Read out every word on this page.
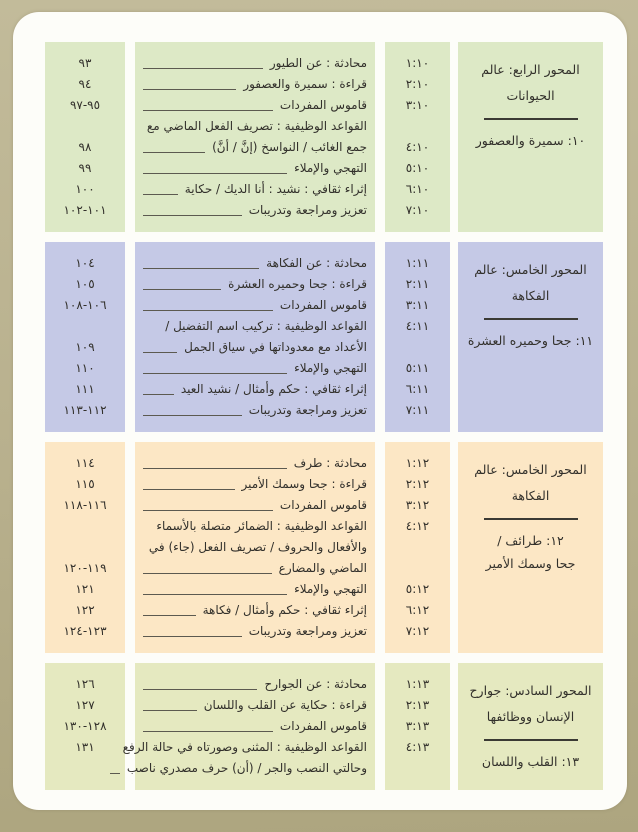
المحور الرابع: عالم
الحيوانات
١٠: سميرة والعصفور
١:١٠
محادثة : عن الطيور
٩٣
٢:١٠
قراءة : سميرة والعصفور
٩٤
٣:١٠
قاموس المفردات
٩٥-٩٧
٤:١٠
القواعد الوظيفية : تصريف الفعل الماضي مع
جمع الغائب / النواسخ (إنَّ / أنَّ)
٩٨
٥:١٠
التهجي والإملاء
٩٩
٦:١٠
إثراء ثقافي : نشيد : أنا الديك / حكاية
١٠٠
٧:١٠
تعزيز ومراجعة وتدريبات
١٠١-١٠٢
المحور الخامس: عالم
الفكاهة
١١: جحا وحميره العشرة
١:١١
محادثة : عن الفكاهة
١٠٤
٢:١١
قراءة : جحا وحميره العشرة
١٠٥
٣:١١
قاموس المفردات
١٠٦-١٠٨
٤:١١
القواعد الوظيفية : تركيب اسم التفضيل /
الأعداد مع معدوداتها في سياق الجمل
١٠٩
٥:١١
التهجي والإملاء
١١٠
٦:١١
إثراء ثقافي : حكم وأمثال / نشيد العيد
١١١
٧:١١
تعزيز ومراجعة وتدريبات
١١٢-١١٣
المحور الخامس: عالم
الفكاهة
١٢: طرائف /
جحا وسمك الأمير
١:١٢
محادثة : طرف
١١٤
٢:١٢
قراءة : جحا وسمك الأمير
١١٥
٣:١٢
قاموس المفردات
١١٦-١١٨
٤:١٢
القواعد الوظيفية : الضمائر متصلة بالأسماء
والأفعال والحروف / تصريف الفعل (جاء) في
الماضي والمضارع
١١٩-١٢٠
٥:١٢
التهجي والإملاء
١٢١
٦:١٢
إثراء ثقافي : حكم وأمثال / فكاهة
١٢٢
٧:١٢
تعزيز ومراجعة وتدريبات
١٢٣-١٢٤
المحور السادس: جوارح
الإنسان ووظائفها
١٣: القلب واللسان
١:١٣
محادثة : عن الجوارح
١٢٦
٢:١٣
قراءة : حكاية عن القلب واللسان
١٢٧
٣:١٣
قاموس المفردات
١٢٨-١٣٠
٤:١٣
القواعد الوظيفية : المثنى وصورتاه في حالة الرفع
وحالتي النصب والجر / (أن) حرف مصدري ناصب
١٣١
